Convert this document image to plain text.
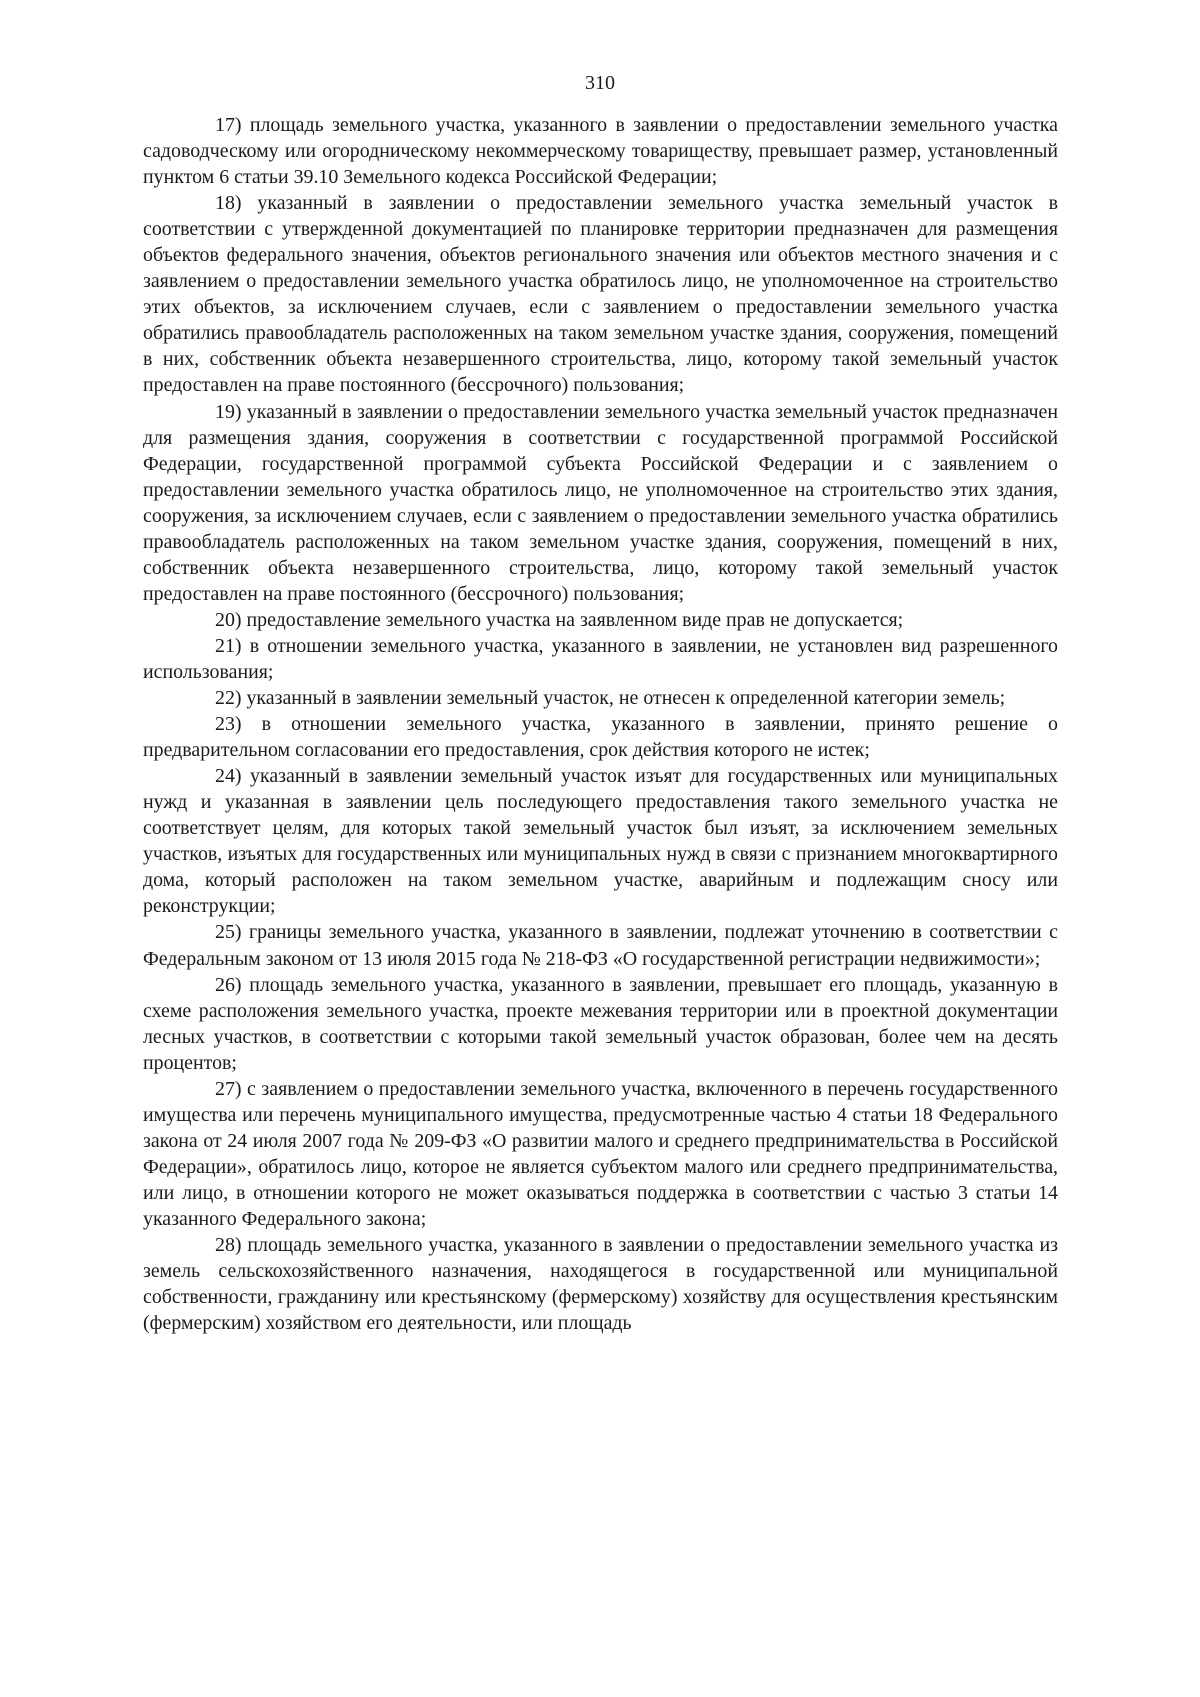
310

17) площадь земельного участка, указанного в заявлении о предоставлении земельного участка садоводческому или огородническому некоммерческому товариществу, превышает размер, установленный пунктом 6 статьи 39.10 Земельного кодекса Российской Федерации;

18) указанный в заявлении о предоставлении земельного участка земельный участок в соответствии с утвержденной документацией по планировке территории предназначен для размещения объектов федерального значения, объектов регионального значения или объектов местного значения и с заявлением о предоставлении земельного участка обратилось лицо, не уполномоченное на строительство этих объектов, за исключением случаев, если с заявлением о предоставлении земельного участка обратились правообладатель расположенных на таком земельном участке здания, сооружения, помещений в них, собственник объекта незавершенного строительства, лицо, которому такой земельный участок предоставлен на праве постоянного (бессрочного) пользования;

19) указанный в заявлении о предоставлении земельного участка земельный участок предназначен для размещения здания, сооружения в соответствии с государственной программой Российской Федерации, государственной программой субъекта Российской Федерации и с заявлением о предоставлении земельного участка обратилось лицо, не уполномоченное на строительство этих здания, сооружения, за исключением случаев, если с заявлением о предоставлении земельного участка обратились правообладатель расположенных на таком земельном участке здания, сооружения, помещений в них, собственник объекта незавершенного строительства, лицо, которому такой земельный участок предоставлен на праве постоянного (бессрочного) пользования;

20) предоставление земельного участка на заявленном виде прав не допускается;

21) в отношении земельного участка, указанного в заявлении, не установлен вид разрешенного использования;

22) указанный в заявлении земельный участок, не отнесен к определенной категории земель;

23) в отношении земельного участка, указанного в заявлении, принято решение о предварительном согласовании его предоставления, срок действия которого не истек;

24) указанный в заявлении земельный участок изъят для государственных или муниципальных нужд и указанная в заявлении цель последующего предоставления такого земельного участка не соответствует целям, для которых такой земельный участок был изъят, за исключением земельных участков, изъятых для государственных или муниципальных нужд в связи с признанием многоквартирного дома, который расположен на таком земельном участке, аварийным и подлежащим сносу или реконструкции;

25) границы земельного участка, указанного в заявлении, подлежат уточнению в соответствии с Федеральным законом от 13 июля 2015 года № 218-ФЗ «О государственной регистрации недвижимости»;

26) площадь земельного участка, указанного в заявлении, превышает его площадь, указанную в схеме расположения земельного участка, проекте межевания территории или в проектной документации лесных участков, в соответствии с которыми такой земельный участок образован, более чем на десять процентов;

27) с заявлением о предоставлении земельного участка, включенного в перечень государственного имущества или перечень муниципального имущества, предусмотренные частью 4 статьи 18 Федерального закона от 24 июля 2007 года № 209-ФЗ «О развитии малого и среднего предпринимательства в Российской Федерации», обратилось лицо, которое не является субъектом малого или среднего предпринимательства, или лицо, в отношении которого не может оказываться поддержка в соответствии с частью 3 статьи 14 указанного Федерального закона;

28) площадь земельного участка, указанного в заявлении о предоставлении земельного участка из земель сельскохозяйственного назначения, находящегося в государственной или муниципальной собственности, гражданину или крестьянскому (фермерскому) хозяйству для осуществления крестьянским (фермерским) хозяйством его деятельности, или площадь
